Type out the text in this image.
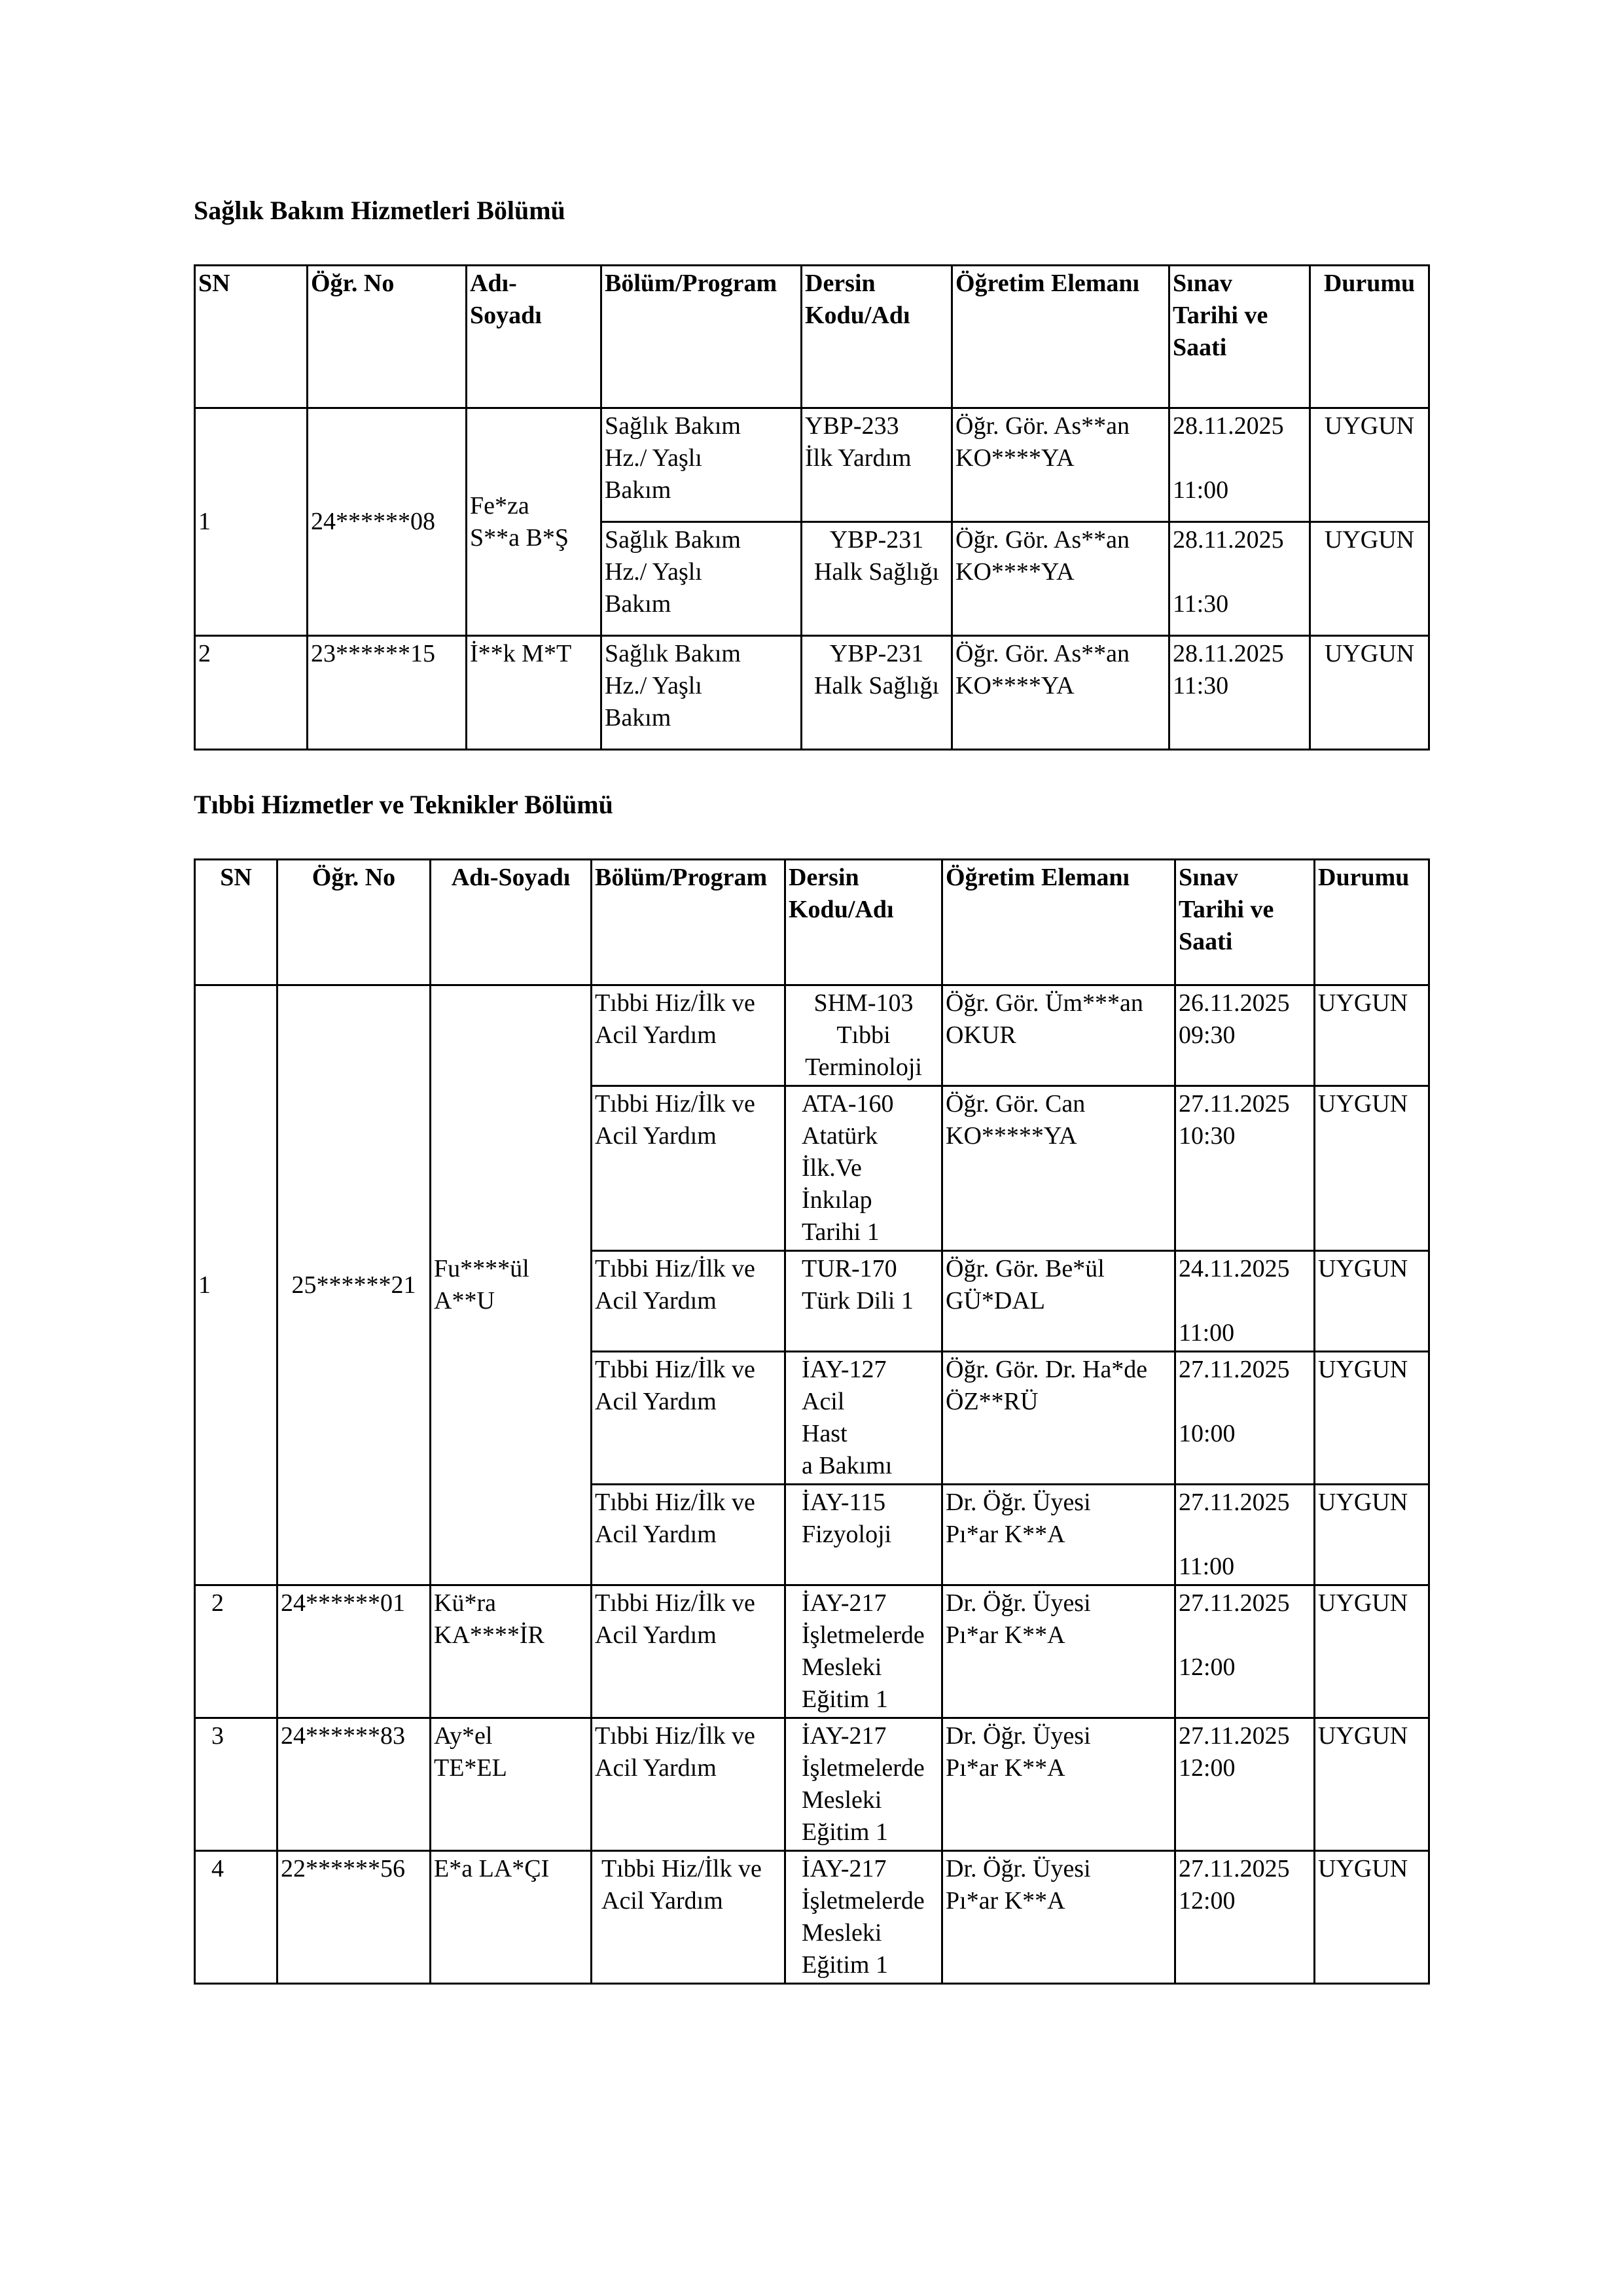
Sağlık Bakım Hizmetleri Bölümü
SN	Öğr. No	Adı-
Soyadı	Bölüm/Program	Dersin
Kodu/Adı	Öğretim Elemanı	Sınav
Tarihi ve
Saati	Durumu

1	24******08	Fe*za
S**a B*Ş	Sağlık Bakım
Hz./ Yaşlı
Bakım	YBP-233
İlk Yardım	Öğr. Gör. As**an
KO****YA	28.11.2025
11:00	UYGUN

			Sağlık Bakım
Hz./ Yaşlı
Bakım	YBP-231
Halk Sağlığı	Öğr. Gör. As**an
KO****YA	28.11.2025
11:30	UYGUN

2	23******15	İ**k M*T	Sağlık Bakım
Hz./ Yaşlı
Bakım	YBP-231
Halk Sağlığı	Öğr. Gör. As**an
KO****YA	28.11.2025
11:30	UYGUN
Tıbbi Hizmetler ve Teknikler Bölümü
SN	Öğr. No	Adı-Soyadı	Bölüm/Program	Dersin
Kodu/Adı	Öğretim Elemanı	Sınav
Tarihi ve
Saati	Durumu

1	25******21	Fu****ül
A**U	Tıbbi Hiz/İlk ve
Acil Yardım	SHM-103
Tıbbi
Terminoloji	Öğr. Gör. Üm***an
OKUR	26.11.2025
09:30	UYGUN

			Tıbbi Hiz/İlk ve
Acil Yardım	ATA-160
Atatürk
İlk.Ve
İnkılap
Tarihi 1	Öğr. Gör. Can
KO*****YA	27.11.2025
10:30	UYGUN

			Tıbbi Hiz/İlk ve
Acil Yardım	TUR-170
Türk Dili 1	Öğr. Gör. Be*ül
GÜ*DAL	24.11.2025
11:00	UYGUN

			Tıbbi Hiz/İlk ve
Acil Yardım	İAY-127
Acil
Hast
a Bakımı	Öğr. Gör. Dr. Ha*de
ÖZ**RÜ	27.11.2025
10:00	UYGUN

			Tıbbi Hiz/İlk ve
Acil Yardım	İAY-115
Fizyoloji	Dr. Öğr. Üyesi
Pı*ar K**A	27.11.2025
11:00	UYGUN

2	24******01	Kü*ra
KA****İR	Tıbbi Hiz/İlk ve
Acil Yardım	İAY-217
İşletmelerde
Mesleki
Eğitim 1	Dr. Öğr. Üyesi
Pı*ar K**A	27.11.2025
12:00	UYGUN

3	24******83	Ay*el
TE*EL	Tıbbi Hiz/İlk ve
Acil Yardım	İAY-217
İşletmelerde
Mesleki
Eğitim 1	Dr. Öğr. Üyesi
Pı*ar K**A	27.11.2025
12:00	UYGUN

4	22******56	E*a LA*ÇI	Tıbbi Hiz/İlk ve
Acil Yardım	İAY-217
İşletmelerde
Mesleki
Eğitim 1	Dr. Öğr. Üyesi
Pı*ar K**A	27.11.2025
12:00	UYGUN
